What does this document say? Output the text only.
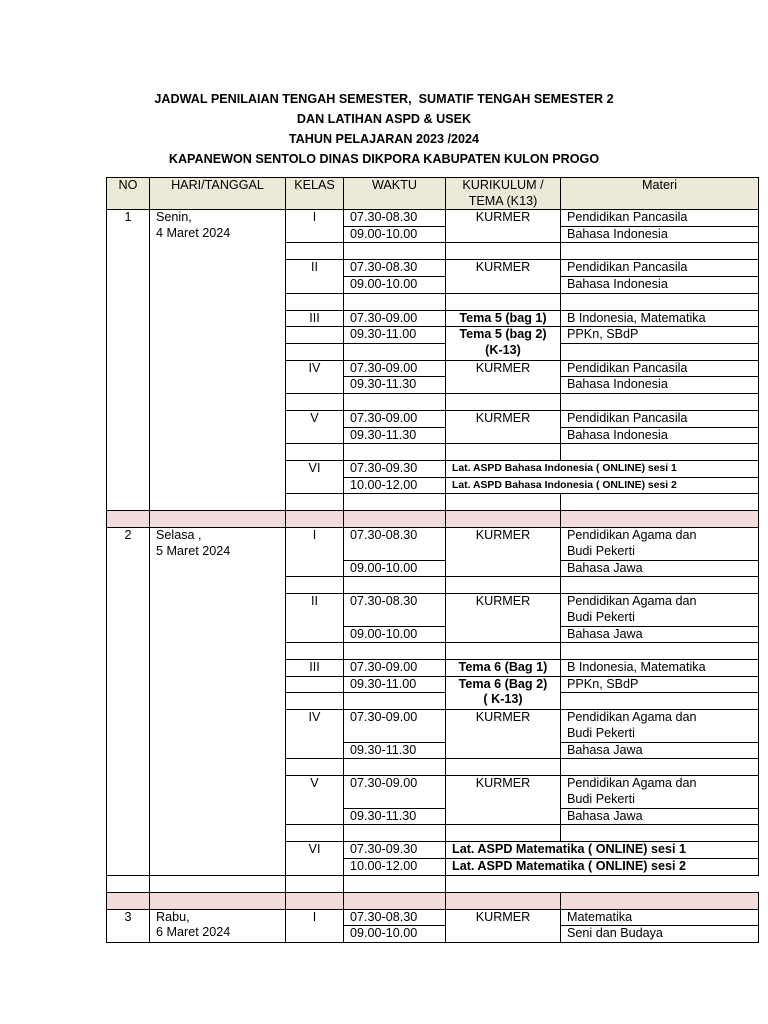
JADWAL PENILAIAN TENGAH SEMESTER,  SUMATIF TENGAH SEMESTER 2
DAN LATIHAN ASPD & USEK
TAHUN PELAJARAN 2023 /2024
KAPANEWON SENTOLO DINAS DIKPORA KABUPATEN KULON PROGO
NO	HARI/TANGGAL	KELAS	WAKTU	KURIKULUM /
TEMA (K13)	Materi
1	Senin,
4 Maret 2024	I	07.30-08.30	KURMER	Pendidikan Pancasila
			09.00-10.00		Bahasa Indonesia

		II	07.30-08.30	KURMER	Pendidikan Pancasila
			09.00-10.00		Bahasa Indonesia

		III	07.30-09.00	Tema 5 (bag 1)	B Indonesia, Matematika
			09.30-11.00	Tema 5 (bag 2)
(K-13)	PPKn, SBdP

		IV	07.30-09.00	KURMER	Pendidikan Pancasila
			09.30-11.30		Bahasa Indonesia

		V	07.30-09.00	KURMER	Pendidikan Pancasila
			09.30-11.30		Bahasa Indonesia

		VI	07.30-09.30	Lat. ASPD Bahasa Indonesia ( ONLINE) sesi 1	
			10.00-12.00	Lat. ASPD Bahasa Indonesia ( ONLINE) sesi 2	

2	Selasa ,
5 Maret 2024	I	07.30-08.30	KURMER	Pendidikan Agama dan
					Budi Pekerti
			09.00-10.00		Bahasa Jawa

		II	07.30-08.30	KURMER	Pendidikan Agama dan
					Budi Pekerti
			09.00-10.00		Bahasa Jawa

		III	07.30-09.00	Tema 6 (Bag 1)	B Indonesia, Matematika
			09.30-11.00	Tema 6 (Bag 2)
( K-13)	PPKn, SBdP

		IV	07.30-09.00	KURMER	Pendidikan Agama dan
					Budi Pekerti
			09.30-11.30		Bahasa Jawa

		V	07.30-09.00	KURMER	Pendidikan Agama dan
					Budi Pekerti
			09.30-11.30		Bahasa Jawa

		VI	07.30-09.30	Lat. ASPD Matematika ( ONLINE) sesi 1	
			10.00-12.00	Lat. ASPD Matematika ( ONLINE) sesi 2	

3	Rabu,
6 Maret 2024	I	07.30-08.30	KURMER	Matematika
			09.00-10.00		Seni dan Budaya
